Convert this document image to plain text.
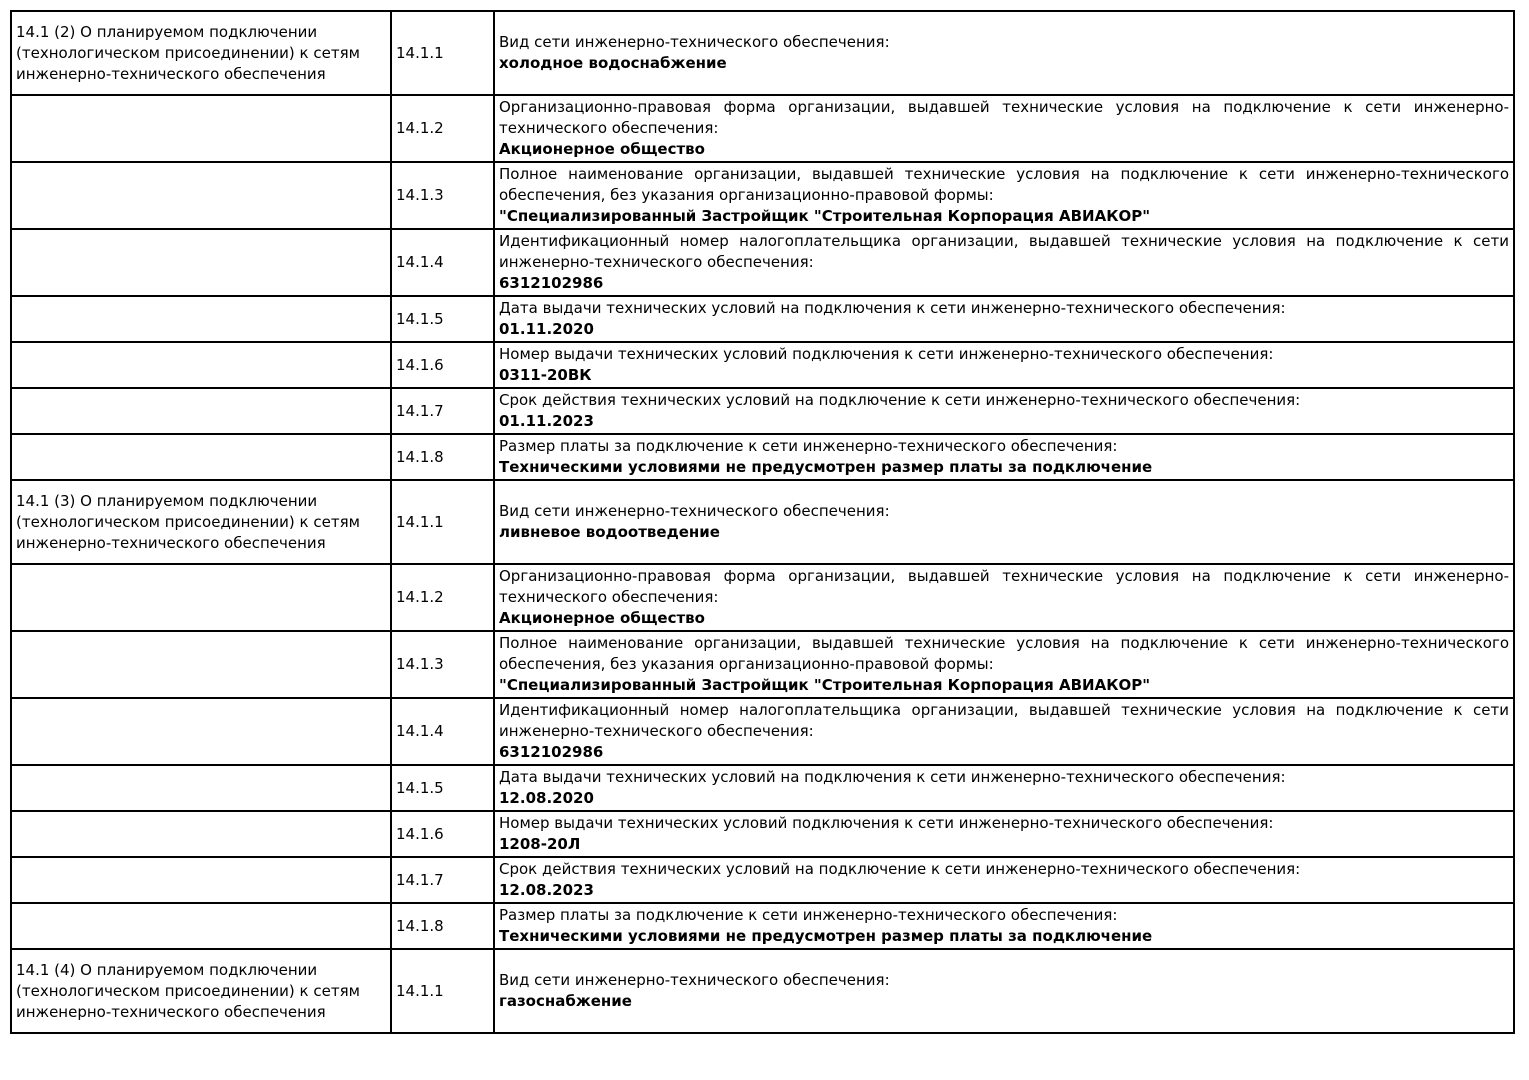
14.1 (2) О планируемом подключении (технологическом присоединении) к сетям инженерно-технического обеспечения	14.1.1	Вид сети инженерно-технического обеспечения:
холодное водоснабжение

	14.1.2	Организационно-правовая форма организации, выдавшей технические условия на подключение к сети инженерно-технического обеспечения:
Акционерное общество

	14.1.3	Полное наименование организации, выдавшей технические условия на подключение к сети инженерно-технического обеспечения, без указания организационно-правовой формы:
"Специализированный Застройщик "Строительная Корпорация АВИАКОР"

	14.1.4	Идентификационный номер налогоплательщика организации, выдавшей технические условия на подключение к сети инженерно-технического обеспечения:
6312102986

	14.1.5	Дата выдачи технических условий на подключения к сети инженерно-технического обеспечения:
01.11.2020

	14.1.6	Номер выдачи технических условий подключения к сети инженерно-технического обеспечения:
0311-20ВК

	14.1.7	Срок действия технических условий на подключение к сети инженерно-технического обеспечения:
01.11.2023

	14.1.8	Размер платы за подключение к сети инженерно-технического обеспечения:
Техническими условиями не предусмотрен размер платы за подключение

14.1 (3) О планируемом подключении (технологическом присоединении) к сетям инженерно-технического обеспечения	14.1.1	Вид сети инженерно-технического обеспечения:
ливневое водоотведение

	14.1.2	Организационно-правовая форма организации, выдавшей технические условия на подключение к сети инженерно-технического обеспечения:
Акционерное общество

	14.1.3	Полное наименование организации, выдавшей технические условия на подключение к сети инженерно-технического обеспечения, без указания организационно-правовой формы:
"Специализированный Застройщик "Строительная Корпорация АВИАКОР"

	14.1.4	Идентификационный номер налогоплательщика организации, выдавшей технические условия на подключение к сети инженерно-технического обеспечения:
6312102986

	14.1.5	Дата выдачи технических условий на подключения к сети инженерно-технического обеспечения:
12.08.2020

	14.1.6	Номер выдачи технических условий подключения к сети инженерно-технического обеспечения:
1208-20Л

	14.1.7	Срок действия технических условий на подключение к сети инженерно-технического обеспечения:
12.08.2023

	14.1.8	Размер платы за подключение к сети инженерно-технического обеспечения:
Техническими условиями не предусмотрен размер платы за подключение

14.1 (4) О планируемом подключении (технологическом присоединении) к сетям инженерно-технического обеспечения	14.1.1	Вид сети инженерно-технического обеспечения:
газоснабжение
